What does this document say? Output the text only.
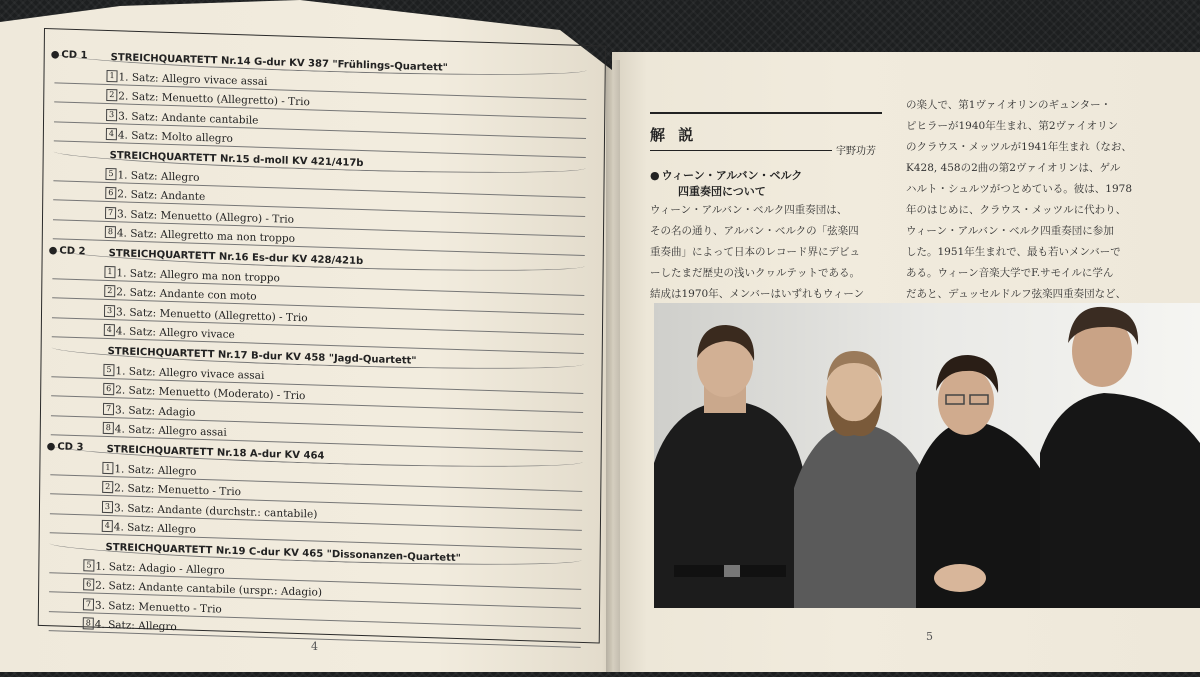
● CD 1 STREICHQUARTETT Nr.14 G-dur KV 387 "Frühlings-Quartett"
1 1. Satz: Allegro vivace assai
2 2. Satz: Menuetto (Allegretto) - Trio
3 3. Satz: Andante cantabile
4 4. Satz: Molto allegro
STREICHQUARTETT Nr.15 d-moll KV 421/417b
5 1. Satz: Allegro
6 2. Satz: Andante
7 3. Satz: Menuetto (Allegro) - Trio
8 4. Satz: Allegretto ma non troppo
● CD 2 STREICHQUARTETT Nr.16 Es-dur KV 428/421b
1 1. Satz: Allegro ma non troppo
2 2. Satz: Andante con moto
3 3. Satz: Menuetto (Allegretto) - Trio
4 4. Satz: Allegro vivace
STREICHQUARTETT Nr.17 B-dur KV 458 "Jagd-Quartett"
5 1. Satz: Allegro vivace assai
6 2. Satz: Menuetto (Moderato) - Trio
7 3. Satz: Adagio
8 4. Satz: Allegro assai
● CD 3 STREICHQUARTETT Nr.18 A-dur KV 464
1 1. Satz: Allegro
2 2. Satz: Menuetto - Trio
3 3. Satz: Andante (durchstr.: cantabile)
4 4. Satz: Allegro
STREICHQUARTETT Nr.19 C-dur KV 465 "Dissonanzen-Quartett"
5 1. Satz: Adagio - Allegro
6 2. Satz: Andante cantabile (urspr.: Adagio)
7 3. Satz: Menuetto - Trio
8 4. Satz: Allegro
4
5
解 説
宇野功芳
● ウィーン・アルバン・ベルク
四重奏団について
ウィーン・アルバン・ベルク四重奏団は、
その名の通り、アルバン・ベルクの「弦楽四
重奏曲」によって日本のレコード界にデビュ
ーしたまだ歴史の浅いクヮルテットである。
結成は1970年、メンバーはいずれもウィーン
の楽人で、第1ヴァイオリンのギュンター・
ピヒラーが1940年生まれ、第2ヴァイオリン
のクラウス・メッツルが1941年生まれ（なお、
K428, 458の2曲の第2ヴァイオリンは、ゲル
ハルト・シュルツがつとめている。彼は、1978
年のはじめに、クラウス・メッツルに代わり、
ウィーン・アルバン・ベルク四重奏団に参加
した。1951年生まれで、最も若いメンバーで
ある。ウィーン音楽大学でF.サモイルに学ん
だあと、デュッセルドルフ弦楽四重奏団など、
